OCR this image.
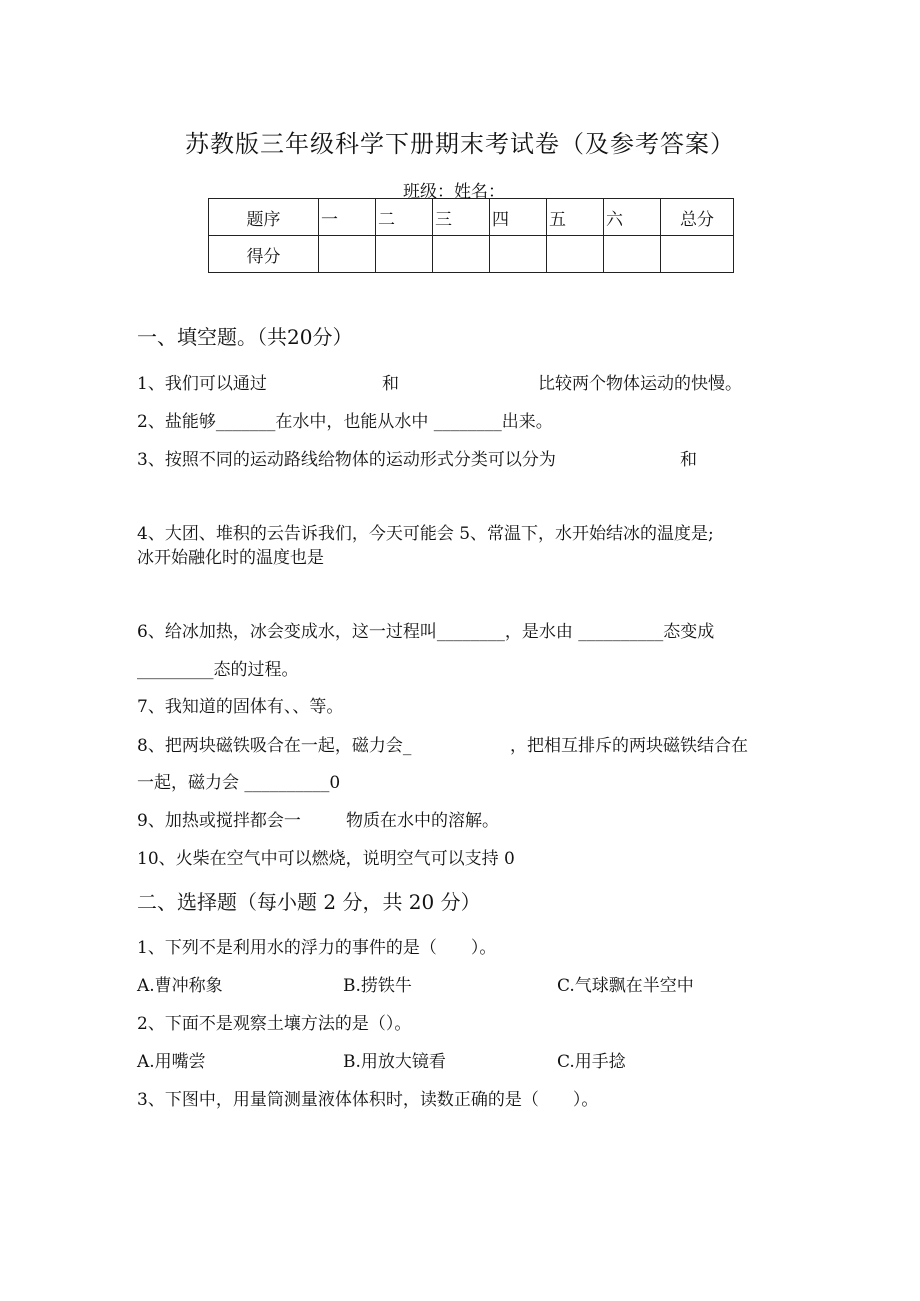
苏教版三年级科学下册期末考试卷（及参考答案）
班级：姓名：
题序	一	二	三	四	五	六	总分
得分							
一、填空题。（共20分）
1、我们可以通过	和	比较两个物体运动的快慢。
2、盐能够_______在水中，也能从水中 ________出来。
3、按照不同的运动路线给物体的运动形式分类可以分为	和
4、大团、堆积的云告诉我们，今天可能会 5、常温下，水开始结冰的温度是;
冰开始融化时的温度也是
6、给冰加热，冰会变成水，这一过程叫________，是水由 __________态变成
_________态的过程。
7、我知道的固体有、、等。
8、把两块磁铁吸合在一起，磁力会_	，把相互排斥的两块磁铁结合在
一起，磁力会 __________0
9、加热或搅拌都会一	物质在水中的溶解。
10、火柴在空气中可以燃烧，说明空气可以支持 0
二、选择题（每小题 2 分，共 20 分）
1、下列不是利用水的浮力的事件的是（　　）。
A.曹冲称象	B.捞铁牛	C.气球飘在半空中
2、下面不是观察土壤方法的是（）。
A.用嘴尝	B.用放大镜看	C.用手捻
3、下图中，用量筒测量液体体积时，读数正确的是（　　）。
